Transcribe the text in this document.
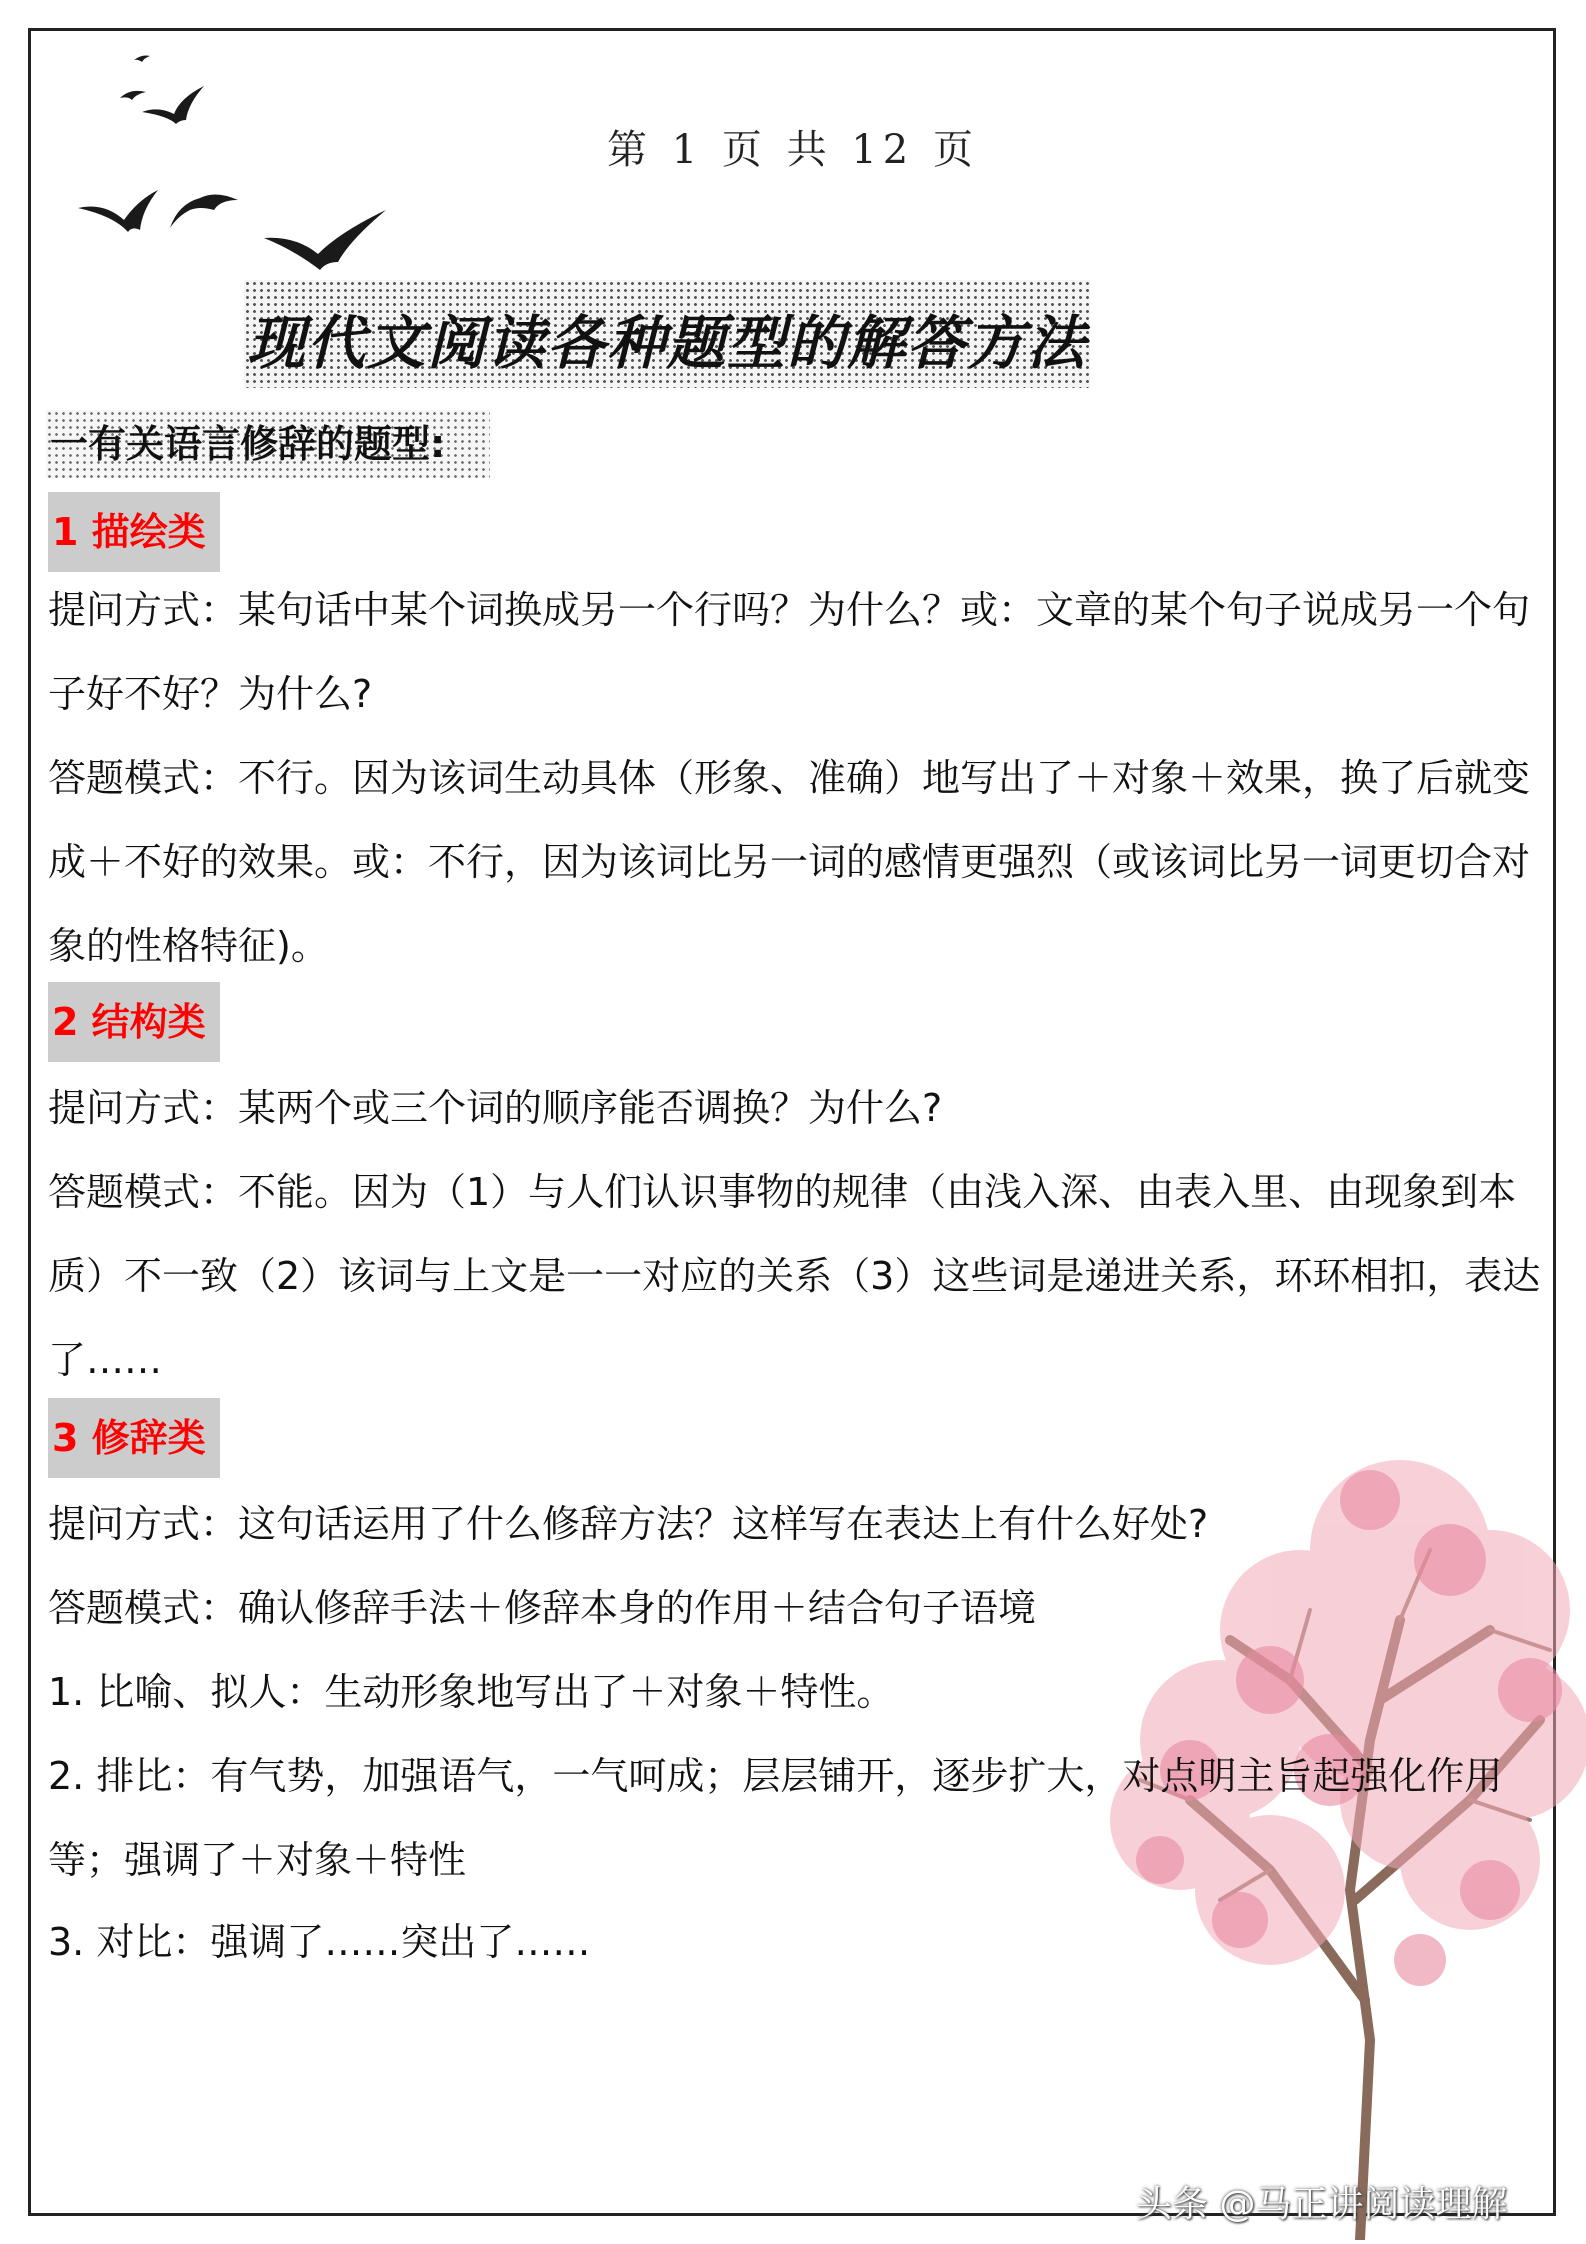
第 1 页 共 12 页
现代文阅读各种题型的解答方法
一有关语言修辞的题型:
1 描绘类
提问方式：某句话中某个词换成另一个行吗？为什么？或：文章的某个句子说成另一个句子好不好？为什么?
答题模式：不行。因为该词生动具体（形象、准确）地写出了＋对象＋效果，换了后就变成＋不好的效果。或：不行，因为该词比另一词的感情更强烈（或该词比另一词更切合对象的性格特征)。
2 结构类
提问方式：某两个或三个词的顺序能否调换？为什么?
答题模式：不能。因为（1）与人们认识事物的规律（由浅入深、由表入里、由现象到本质）不一致（2）该词与上文是一一对应的关系（3）这些词是递进关系，环环相扣，表达了……
3 修辞类
提问方式：这句话运用了什么修辞方法？这样写在表达上有什么好处?
答题模式：确认修辞手法＋修辞本身的作用＋结合句子语境
1. 比喻、拟人：生动形象地写出了＋对象＋特性。
2. 排比：有气势，加强语气，一气呵成；层层铺开，逐步扩大，对点明主旨起强化作用等；强调了＋对象＋特性
3. 对比：强调了……突出了……
头条 @马正讲阅读理解
